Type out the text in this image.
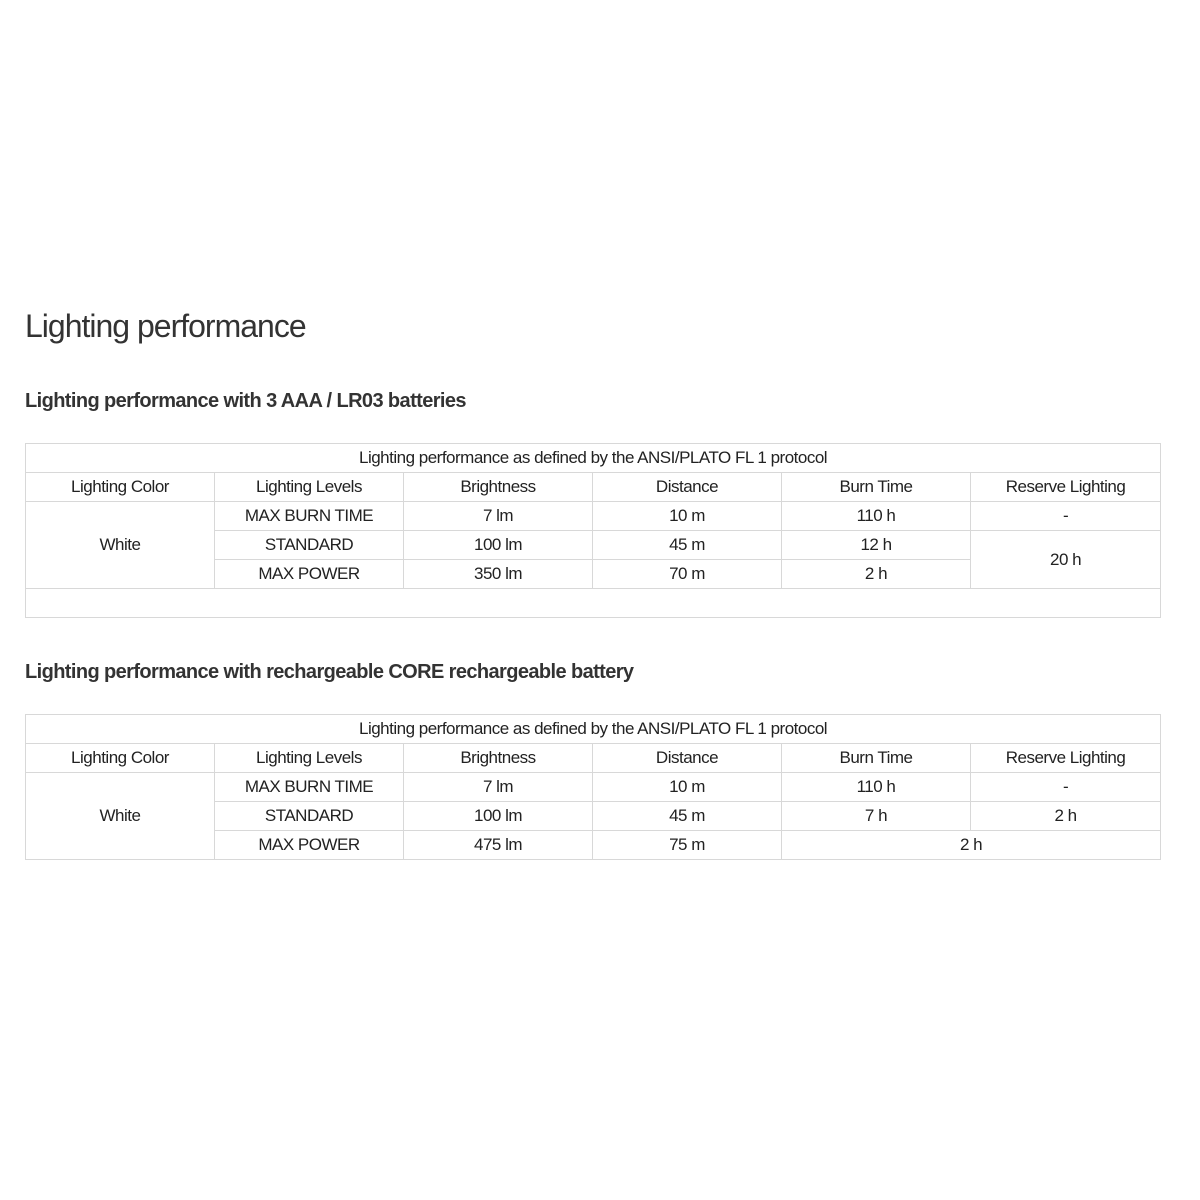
Lighting performance
Lighting performance with 3 AAA / LR03 batteries
Lighting performance as defined by the ANSI/PLATO FL 1 protocol					
Lighting Color	Lighting Levels	Brightness	Distance	Burn Time	Reserve Lighting
White	MAX BURN TIME	7 lm	10 m	110 h	-
	STANDARD	100 lm	45 m	12 h	20 h
	MAX POWER	350 lm	70 m	2 h	

Lighting performance with rechargeable CORE rechargeable battery
Lighting performance as defined by the ANSI/PLATO FL 1 protocol					
Lighting Color	Lighting Levels	Brightness	Distance	Burn Time	Reserve Lighting
White	MAX BURN TIME	7 lm	10 m	110 h	-
	STANDARD	100 lm	45 m	7 h	2 h
	MAX POWER	475 lm	75 m	2 h	
